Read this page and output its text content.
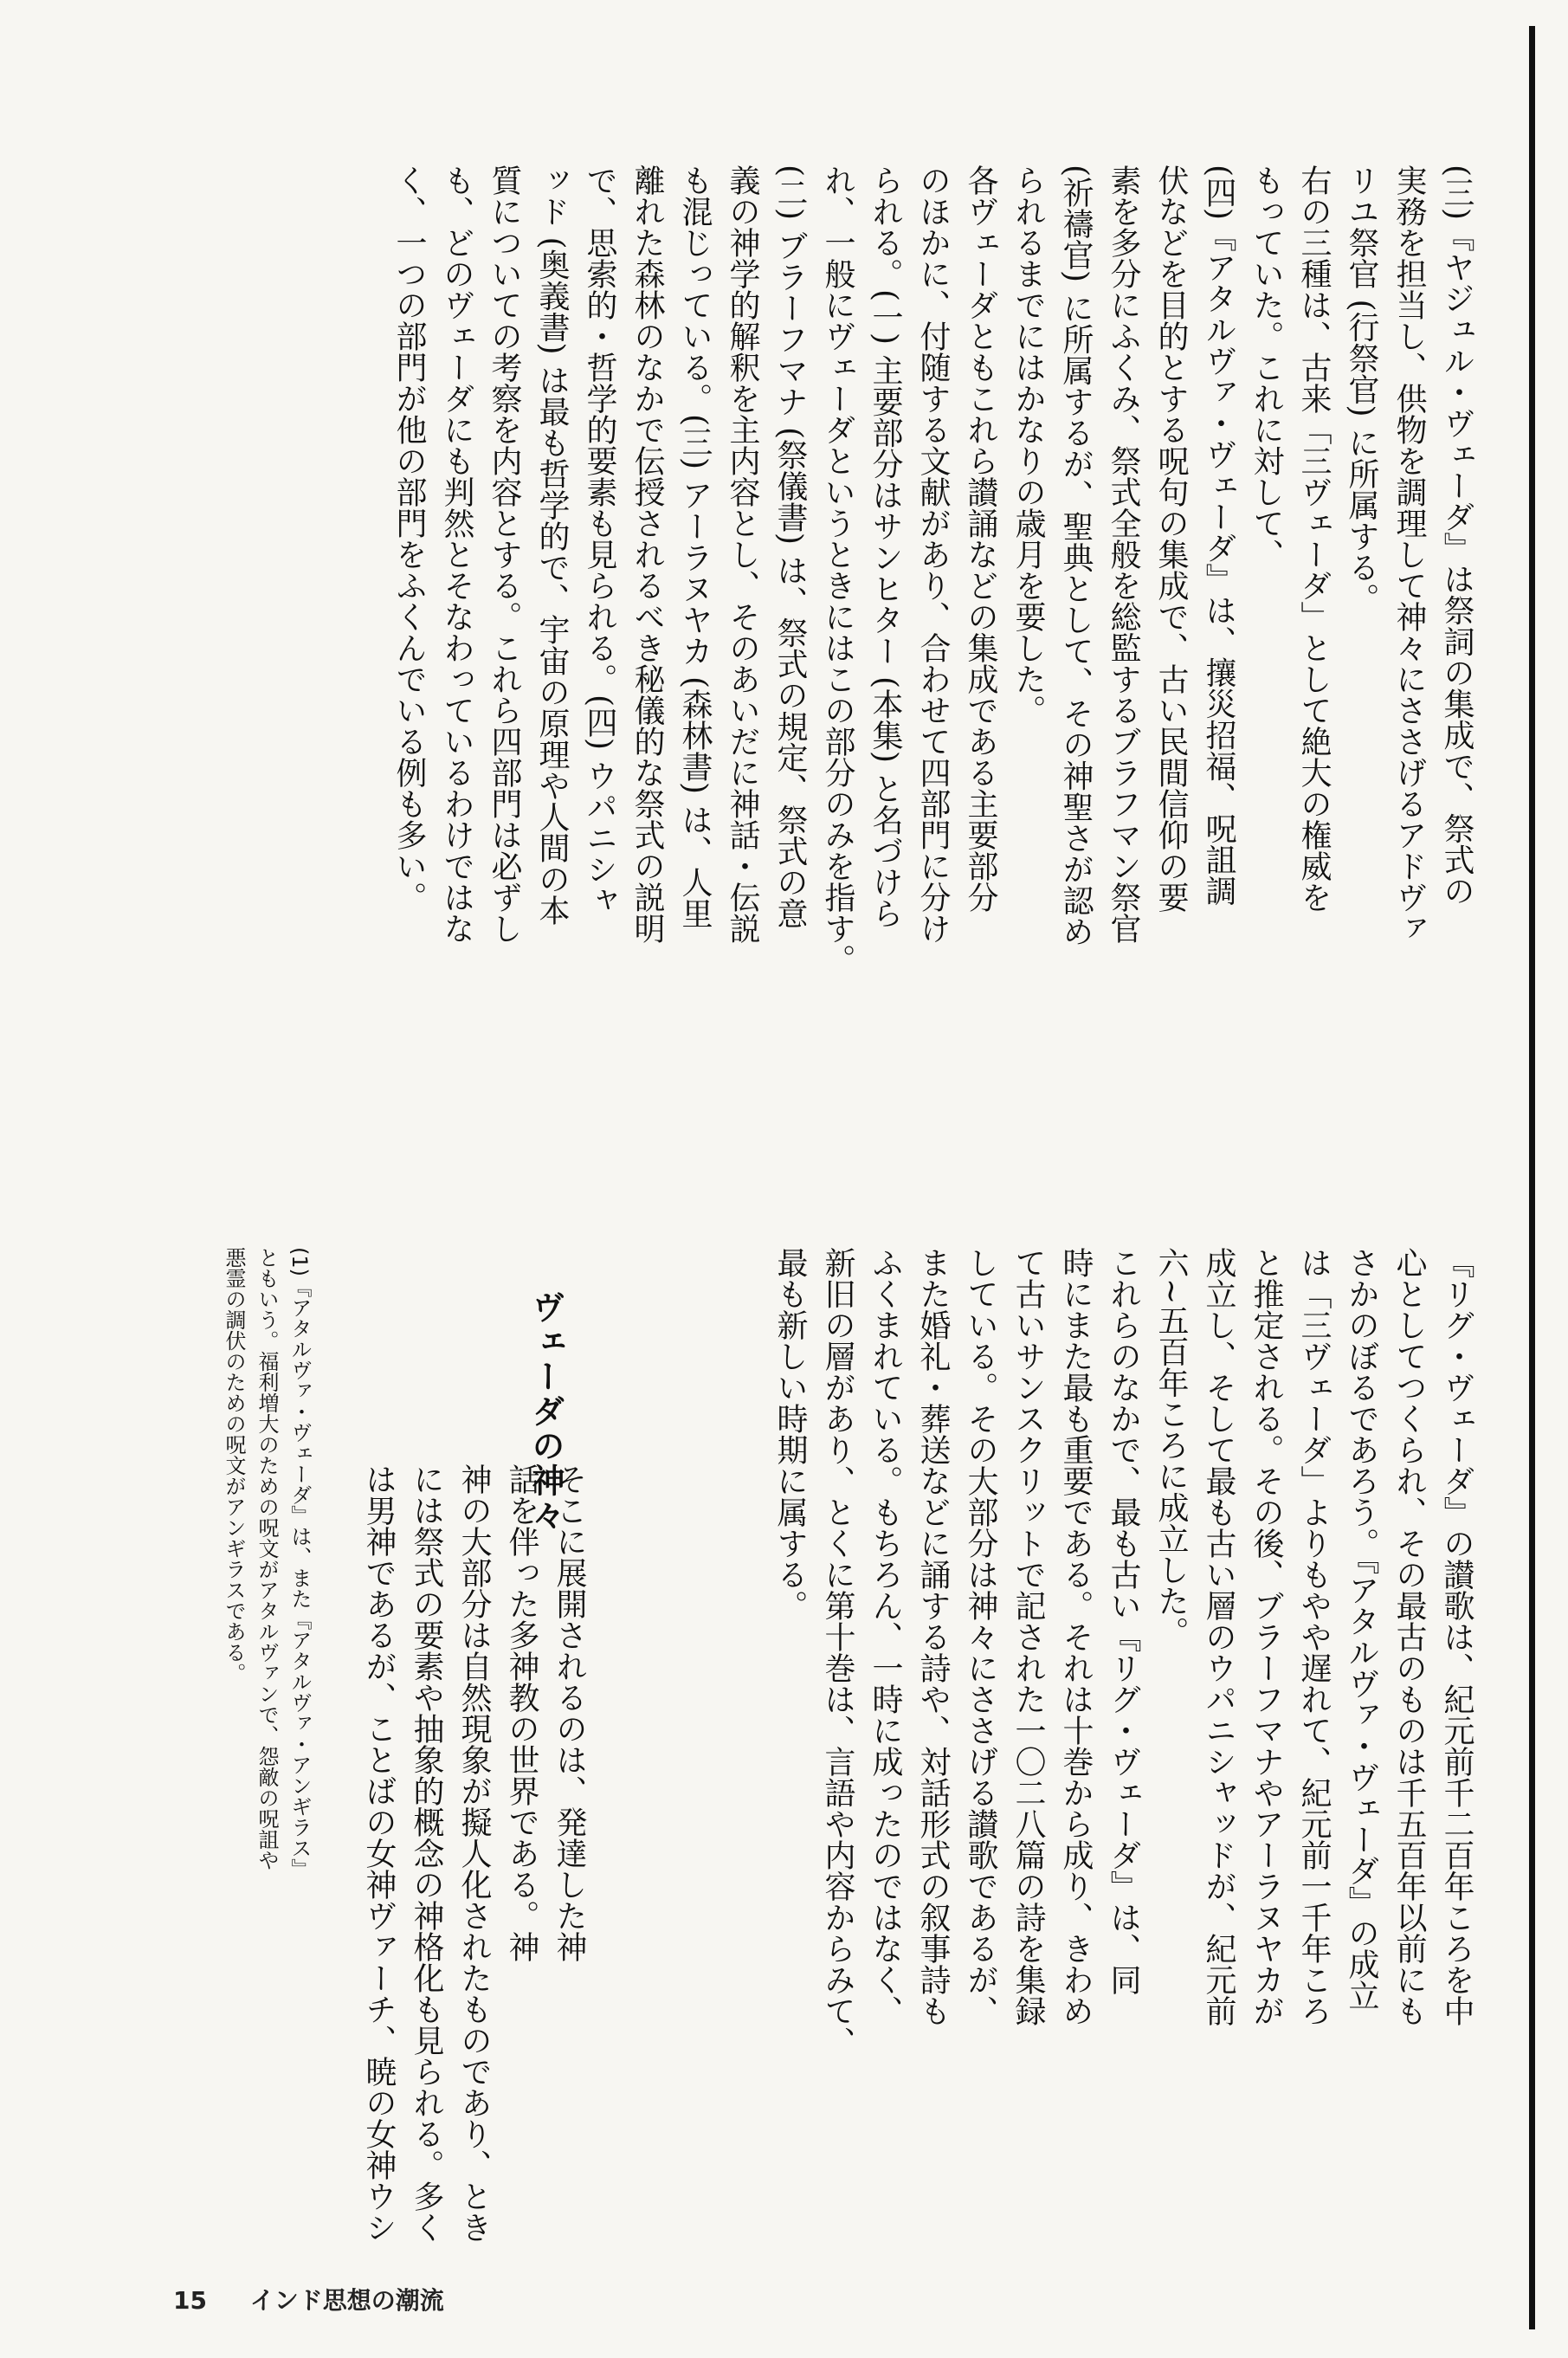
(三)『ヤジュル・ヴェーダ』は祭詞の集成で、祭式の
実務を担当し、供物を調理して神々にささげるアドヴァ
リユ祭官 (行祭官) に所属する。
右の三種は、古来「三ヴェーダ」として絶大の権威を
もっていた。これに対して、
(四)『アタルヴァ・ヴェーダ』は、攘災招福、呪詛調
伏などを目的とする呪句の集成で、古い民間信仰の要
素を多分にふくみ、祭式全般を総監するブラフマン祭官
(祈禱官) に所属するが、聖典として、その神聖さが認め
られるまでにはかなりの歳月を要した。
各ヴェーダともこれら讃誦などの集成である主要部分
のほかに、付随する文献があり、合わせて四部門に分け
られる。(一) 主要部分はサンヒター (本集) と名づけら
れ、一般にヴェーダというときにはこの部分のみを指す。
(二) ブラーフマナ (祭儀書) は、祭式の規定、祭式の意
義の神学的解釈を主内容とし、そのあいだに神話・伝説
も混じっている。(三) アーラヌヤカ (森林書) は、人里
離れた森林のなかで伝授されるべき秘儀的な祭式の説明
で、思索的・哲学的要素も見られる。(四) ウパニシャ
ッド (奥義書) は最も哲学的で、宇宙の原理や人間の本
質についての考察を内容とする。これら四部門は必ずし
も、どのヴェーダにも判然とそなわっているわけではな
く、一つの部門が他の部門をふくんでいる例も多い。
『リグ・ヴェーダ』の讃歌は、紀元前千二百年ころを中
心としてつくられ、その最古のものは千五百年以前にも
さかのぼるであろう。『アタルヴァ・ヴェーダ』の成立
は「三ヴェーダ」よりもやや遅れて、紀元前一千年ころ
と推定される。その後、ブラーフマナやアーラヌヤカが
成立し、そして最も古い層のウパニシャッドが、紀元前
六~五百年ころに成立した。
これらのなかで、最も古い『リグ・ヴェーダ』は、同
時にまた最も重要である。それは十巻から成り、きわめ
て古いサンスクリットで記された一〇二八篇の詩を集録
している。その大部分は神々にささげる讃歌であるが、
また婚礼・葬送などに誦する詩や、対話形式の叙事詩も
ふくまれている。もちろん、一時に成ったのではなく、
新旧の層があり、とくに第十巻は、言語や内容からみて、
最も新しい時期に属する。
ヴェーダの神々
そこに展開されるのは、発達した神
話を伴った多神教の世界である。神
神の大部分は自然現象が擬人化されたものであり、とき
には祭式の要素や抽象的概念の神格化も見られる。多く
は男神であるが、ことばの女神ヴァーチ、暁の女神ウシ
(1)『アタルヴァ・ヴェーダ』は、また『アタルヴァ・アンギラス』
ともいう。福利増大のための呪文がアタルヴァンで、怨敵の呪詛や
悪霊の調伏のための呪文がアンギラスである。
15 インド思想の潮流
